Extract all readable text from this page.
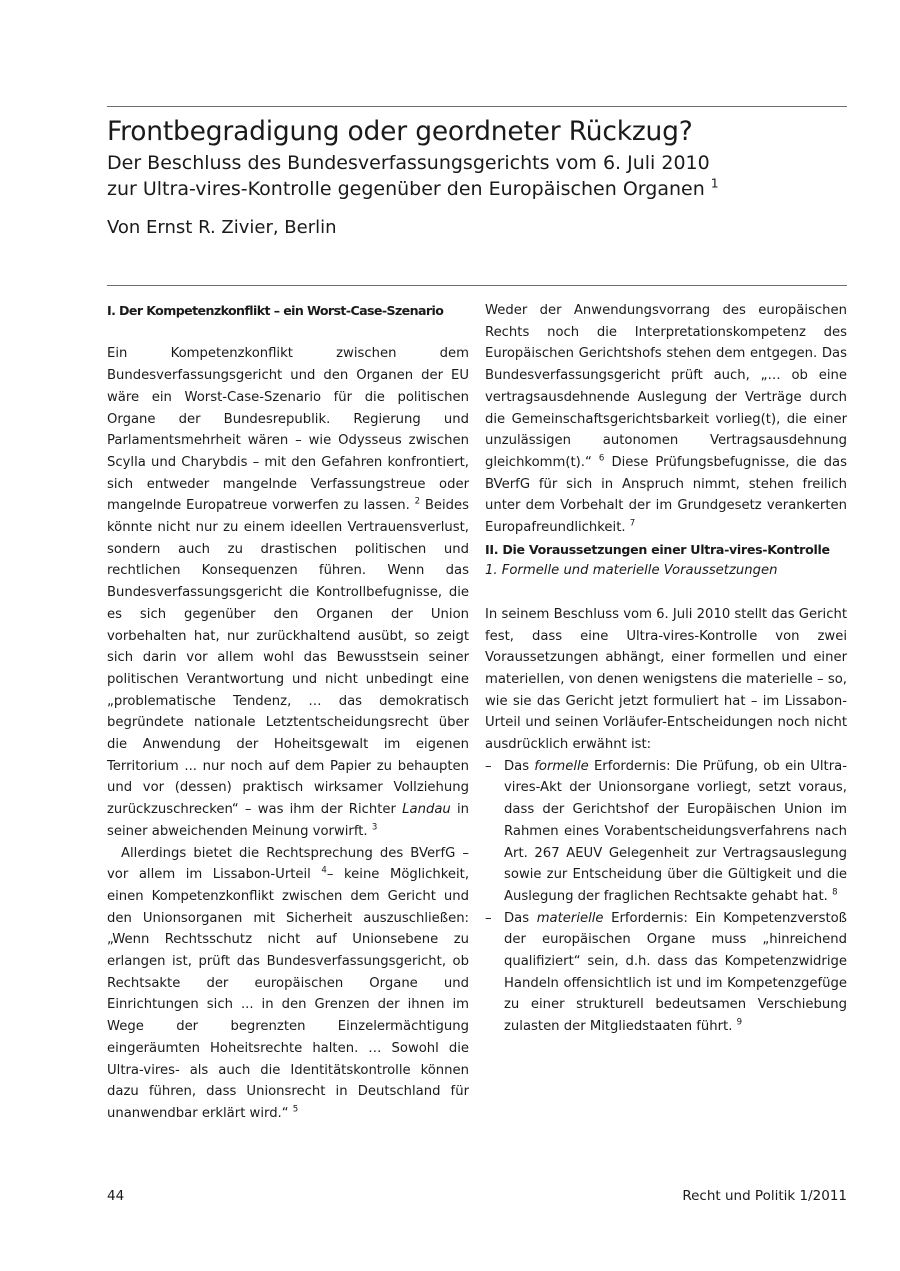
Frontbegradigung oder geordneter Rückzug?
Der Beschluss des Bundesverfassungsgerichts vom 6. Juli 2010
zur Ultra-vires-Kontrolle gegenüber den Europäischen Organen $^1$

Von Ernst R. Zivier, Berlin

I. Der Kompetenzkonflikt – ein Worst-Case-Szenario

Ein Kompetenzkonflikt zwischen dem Bundesverfassungsgericht und den Organen der EU wäre ein Worst-Case-Szenario für die politischen Organe der Bundesrepublik. Regierung und Parlamentsmehrheit wären – wie Odysseus zwischen Scylla und Charybdis – mit den Gefahren konfrontiert, sich entweder mangelnde Verfassungstreue oder mangelnde Europatreue vorwerfen zu lassen. $^2$ Beides könnte nicht nur zu einem ideellen Vertrauensverlust, sondern auch zu drastischen politischen und rechtlichen Konsequenzen führen. Wenn das Bundesverfassungsgericht die Kontrollbefugnisse, die es sich gegenüber den Organen der Union vorbehalten hat, nur zurückhaltend ausübt, so zeigt sich darin vor allem wohl das Bewusstsein seiner politischen Verantwortung und nicht unbedingt eine „problematische Tendenz, … das demokratisch begründete nationale Letztentscheidungsrecht über die Anwendung der Hoheitsgewalt im eigenen Territorium ... nur noch auf dem Papier zu behaupten und vor (dessen) praktisch wirksamer Vollziehung zurückzuschrecken“ – was ihm der Richter Landau in seiner abweichenden Meinung vorwirft. $^3$

Allerdings bietet die Rechtsprechung des BVerfG – vor allem im Lissabon-Urteil $^4$– keine Möglichkeit, einen Kompetenzkonflikt zwischen dem Gericht und den Unionsorganen mit Sicherheit auszuschließen: „Wenn Rechtsschutz nicht auf Unionsebene zu erlangen ist, prüft das Bundesverfassungsgericht, ob Rechtsakte der europäischen Organe und Einrichtungen sich ... in den Grenzen der ihnen im Wege der begrenzten Einzelermächtigung eingeräumten Hoheitsrechte halten. … Sowohl die Ultra-vires- als auch die Identitätskontrolle können dazu führen, dass Unionsrecht in Deutschland für unanwendbar erklärt wird.“ $^5$

Weder der Anwendungsvorrang des europäischen Rechts noch die Interpretationskompetenz des Europäischen Gerichtshofs stehen dem entgegen. Das Bundesverfassungsgericht prüft auch, „… ob eine vertragsausdehnende Auslegung der Verträge durch die Gemeinschaftsgerichtsbarkeit vorlieg(t), die einer unzulässigen autonomen Vertragsausdehnung gleichkomm(t).“ $^6$ Diese Prüfungsbefugnisse, die das BVerfG für sich in Anspruch nimmt, stehen freilich unter dem Vorbehalt der im Grundgesetz verankerten Europafreundlichkeit. $^7$

II. Die Voraussetzungen einer Ultra-vires-Kontrolle

1. Formelle und materielle Voraussetzungen

In seinem Beschluss vom 6. Juli 2010 stellt das Gericht fest, dass eine Ultra-vires-Kontrolle von zwei Voraussetzungen abhängt, einer formellen und einer materiellen, von denen wenigstens die materielle – so, wie sie das Gericht jetzt formuliert hat – im Lissabon-Urteil und seinen Vorläufer-Entscheidungen noch nicht ausdrücklich erwähnt ist:

– Das formelle Erfordernis: Die Prüfung, ob ein Ultra-vires-Akt der Unionsorgane vorliegt, setzt voraus, dass der Gerichtshof der Europäischen Union im Rahmen eines Vorabentscheidungsverfahrens nach Art. 267 AEUV Gelegenheit zur Vertragsauslegung sowie zur Entscheidung über die Gültigkeit und die Auslegung der fraglichen Rechtsakte gehabt hat. $^8$
– Das materielle Erfordernis: Ein Kompetenzverstoß der europäischen Organe muss „hinreichend qualifiziert“ sein, d.h. dass das Kompetenzwidrige Handeln offensichtlich ist und im Kompetenzgefüge zu einer strukturell bedeutsamen Verschiebung zulasten der Mitgliedstaaten führt. $^9$
44	Recht und Politik 1/2011
